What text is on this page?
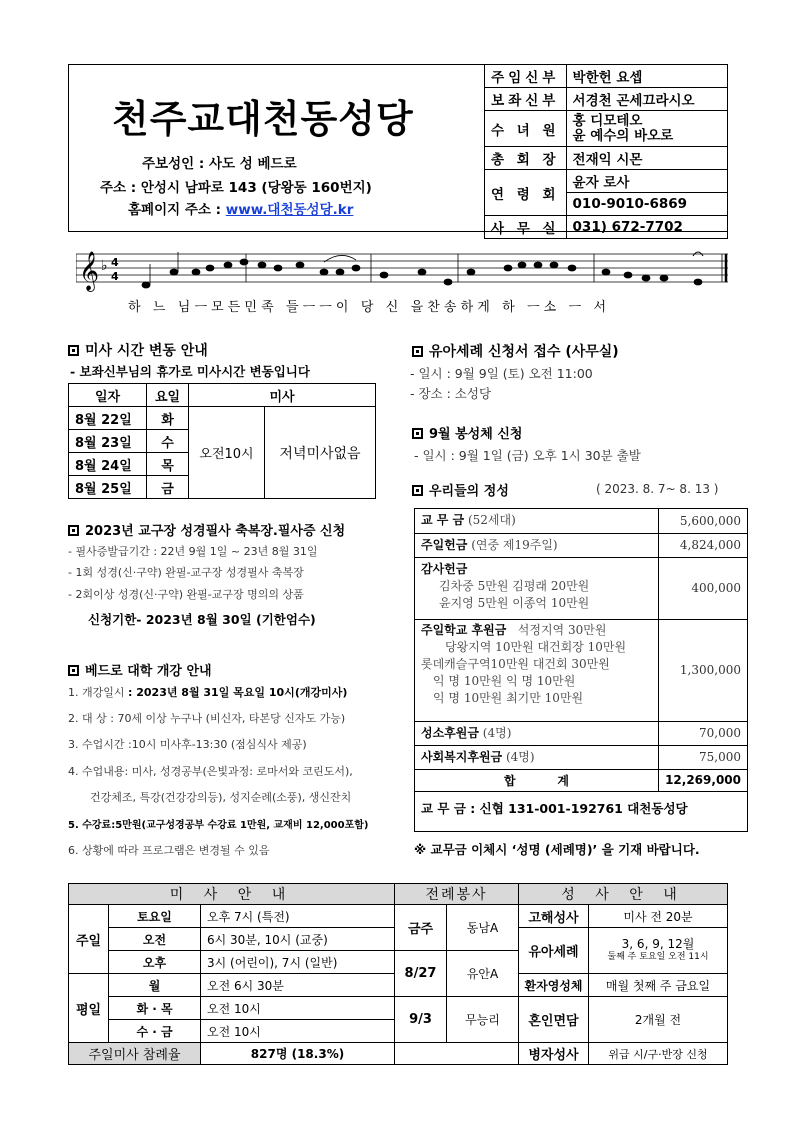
천주교대천동성당
주보성인 : 사도 성 베드로
주소 : 안성시 남파로 143 (당왕동 160번지)
홈페이지 주소 : www.대천동성당.kr
주임신부	박한헌 요셉
보좌신부	서경천 곤세끄라시오
수 녀 원	홍 디모테오
윤 예수의 바오로

총 회 장	전재익 시몬
연 령 회	윤자 로사
	010-9010-6869
사 무 실	031) 672-7702
𝄞 ♭ 4
4
하 느 님ㅡ모든민족 들ㅡㅡ이 당 신 을찬송하게 하 ㅡ소 ㅡ 서
미사 시간 변동 안내
- 보좌신부님의 휴가로 미사시간 변동입니다
일자	요일	미사	
8월 22일	화	오전10시	저녁미사없음
8월 23일	수		
8월 24일	목		
8월 25일	금		
2023년 교구장 성경필사 축복장.필사증 신청
- 필사증발급기간 : 22년 9월 1일 ~ 23년 8월 31일
- 1회 성경(신·구약) 완필-교구장 성경필사 축복장
- 2회이상 성경(신·구약) 완필-교구장 명의의 상품
신청기한- 2023년 8월 30일 (기한엄수)
베드로 대학 개강 안내
1. 개강일시 : 2023년 8월 31일 목요일 10시(개강미사)
2. 대 상 : 70세 이상 누구나 (비신자, 타본당 신자도 가능)
3. 수업시간 :10시 미사후-13:30 (점심식사 제공)
4. 수업내용: 미사, 성경공부(은빛과정: 로마서와 코린도서),
건강체조, 특강(건강강의등), 성지순례(소풍), 생신잔치
5. 수강료:5만원(교구성경공부 수강료 1만원, 교재비 12,000포함)
6. 상황에 따라 프로그램은 변경될 수 있음
유아세례 신청서 접수 (사무실)
- 일시 : 9월 9일 (토) 오전 11:00
- 장소 : 소성당
9월 봉성체 신청
- 일시 : 9월 1일 (금) 오후 1시 30분 출발
우리들의 정성	( 2023. 8. 7~ 8. 13 )
교 무 금 (52세대)	5,600,000
주일헌금 (연중 제19주일)	4,824,000

감사헌금
김차중 5만원 김평래 20만원
윤지영 5만원 이종억 10만원	400,000

주일학교 후원금 석정지역 30만원
당왕지역 10만원 대건회장 10만원
롯데캐슬구역10만원 대건회 30만원
익 명 10만원 익 명 10만원
익 명 10만원 최기만 10만원	1,300,000
성소후원금 (4명)	70,000
사회복지후원금 (4명)	75,000
합          계	12,269,000
교 무 금 : 신협 131-001-192761 대천동성당	
※ 교무금 이체시 ‘성명 (세례명)’ 을 기재 바랍니다.
미 사 안 내			전례봉사		성 사 안 내	
주일	토요일	오후 7시 (특전)	금주	동남A	고해성사	미사 전 20분
	오전	6시 30분, 10시 (교중)			유아세례	3, 6, 9, 12월
둘째 주 토요일 오전 11시

	오후	3시 (어린이), 7시 (일반)	8/27	유안A		
평일	월	오전 6시 30분			환자영성체	매월 첫째 주 금요일
	화 · 목	오전 10시	9/3	무능리	혼인면담	2개월 전
	수 · 금	오전 10시				
주일미사 참례율		827명 (18.3%)			병자성사	위급 시/구·반장 신청
